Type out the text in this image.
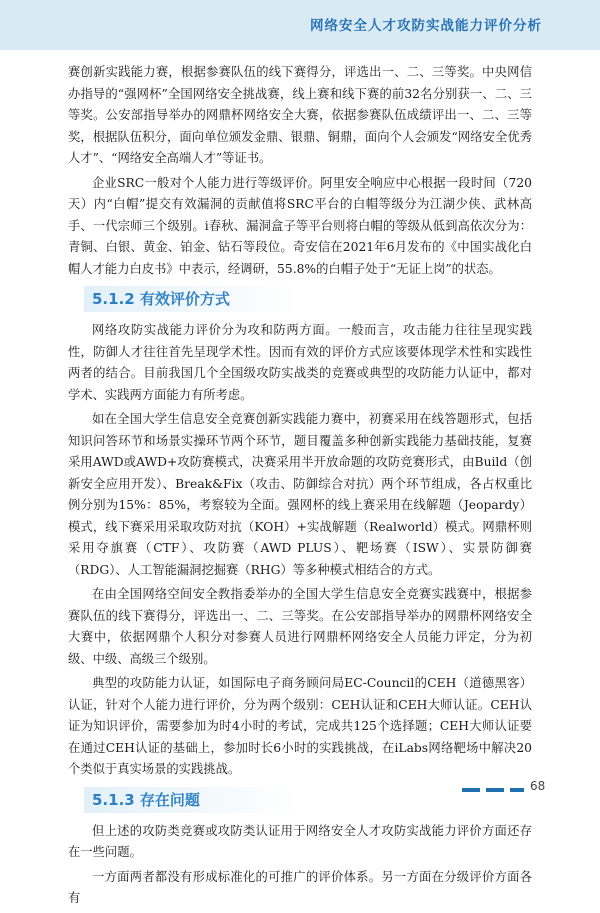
网络安全人才攻防实战能力评价分析

赛创新实践能力赛，根据参赛队伍的线下赛得分，评选出一、二、三等奖。中央网信办指导的“强网杯”全国网络安全挑战赛，线上赛和线下赛的前32名分别获一、二、三等奖。公安部指导举办的网鼎杯网络安全大赛，依据参赛队伍成绩评出一、二、三等奖，根据队伍积分，面向单位颁发金鼎、银鼎、铜鼎，面向个人会颁发“网络安全优秀人才”、“网络安全高端人才”等证书。

企业SRC一般对个人能力进行等级评价。阿里安全响应中心根据一段时间（720天）内“白帽”提交有效漏洞的贡献值将SRC平台的白帽等级分为江湖少侠、武林高手、一代宗师三个级别。i春秋、漏洞盒子等平台则将白帽的等级从低到高依次分为：青铜、白银、黄金、铂金、钻石等段位。奇安信在2021年6月发布的《中国实战化白帽人才能力白皮书》中表示，经调研，55.8%的白帽子处于“无证上岗”的状态。

5.1.2 有效评价方式

网络攻防实战能力评价分为攻和防两方面。一般而言，攻击能力往往呈现实践性，防御人才往往首先呈现学术性。因而有效的评价方式应该要体现学术性和实践性两者的结合。目前我国几个全国级攻防实战类的竞赛或典型的攻防能力认证中，都对学术、实践两方面能力有所考虑。

如在全国大学生信息安全竞赛创新实践能力赛中，初赛采用在线答题形式，包括知识问答环节和场景实操环节两个环节，题目覆盖多种创新实践能力基础技能，复赛采用AWD或AWD+攻防赛模式，决赛采用半开放命题的攻防竞赛形式，由Build（创新安全应用开发）、Break&Fix（攻击、防御综合对抗）两个环节组成，各占权重比例分别为15%：85%，考察较为全面。强网杯的线上赛采用在线解题（Jeopardy）模式，线下赛采用采取攻防对抗（KOH）+实战解题（Realworld）模式。网鼎杯则采用夺旗赛（CTF）、攻防赛（AWD PLUS）、靶场赛（ISW）、实景防御赛（RDG）、人工智能漏洞挖掘赛（RHG）等多种模式相结合的方式。

在由全国网络空间安全教指委举办的全国大学生信息安全竞赛实践赛中，根据参赛队伍的线下赛得分，评选出一、二、三等奖。在公安部指导举办的网鼎杯网络安全大赛中，依据网鼎个人积分对参赛人员进行网鼎杯网络安全人员能力评定，分为初级、中级、高级三个级别。

典型的攻防能力认证，如国际电子商务顾问局EC-Council的CEH（道德黑客）认证，针对个人能力进行评价，分为两个级别：CEH认证和CEH大师认证。CEH认证为知识评价，需要参加为时4小时的考试，完成共125个选择题；CEH大师认证要在通过CEH认证的基础上，参加时长6小时的实践挑战，在iLabs网络靶场中解决20个类似于真实场景的实践挑战。

5.1.3 存在问题

但上述的攻防类竞赛或攻防类认证用于网络安全人才攻防实战能力评价方面还存在一些问题。

一方面两者都没有形成标准化的可推广的评价体系。另一方面在分级评价方面各有

68
